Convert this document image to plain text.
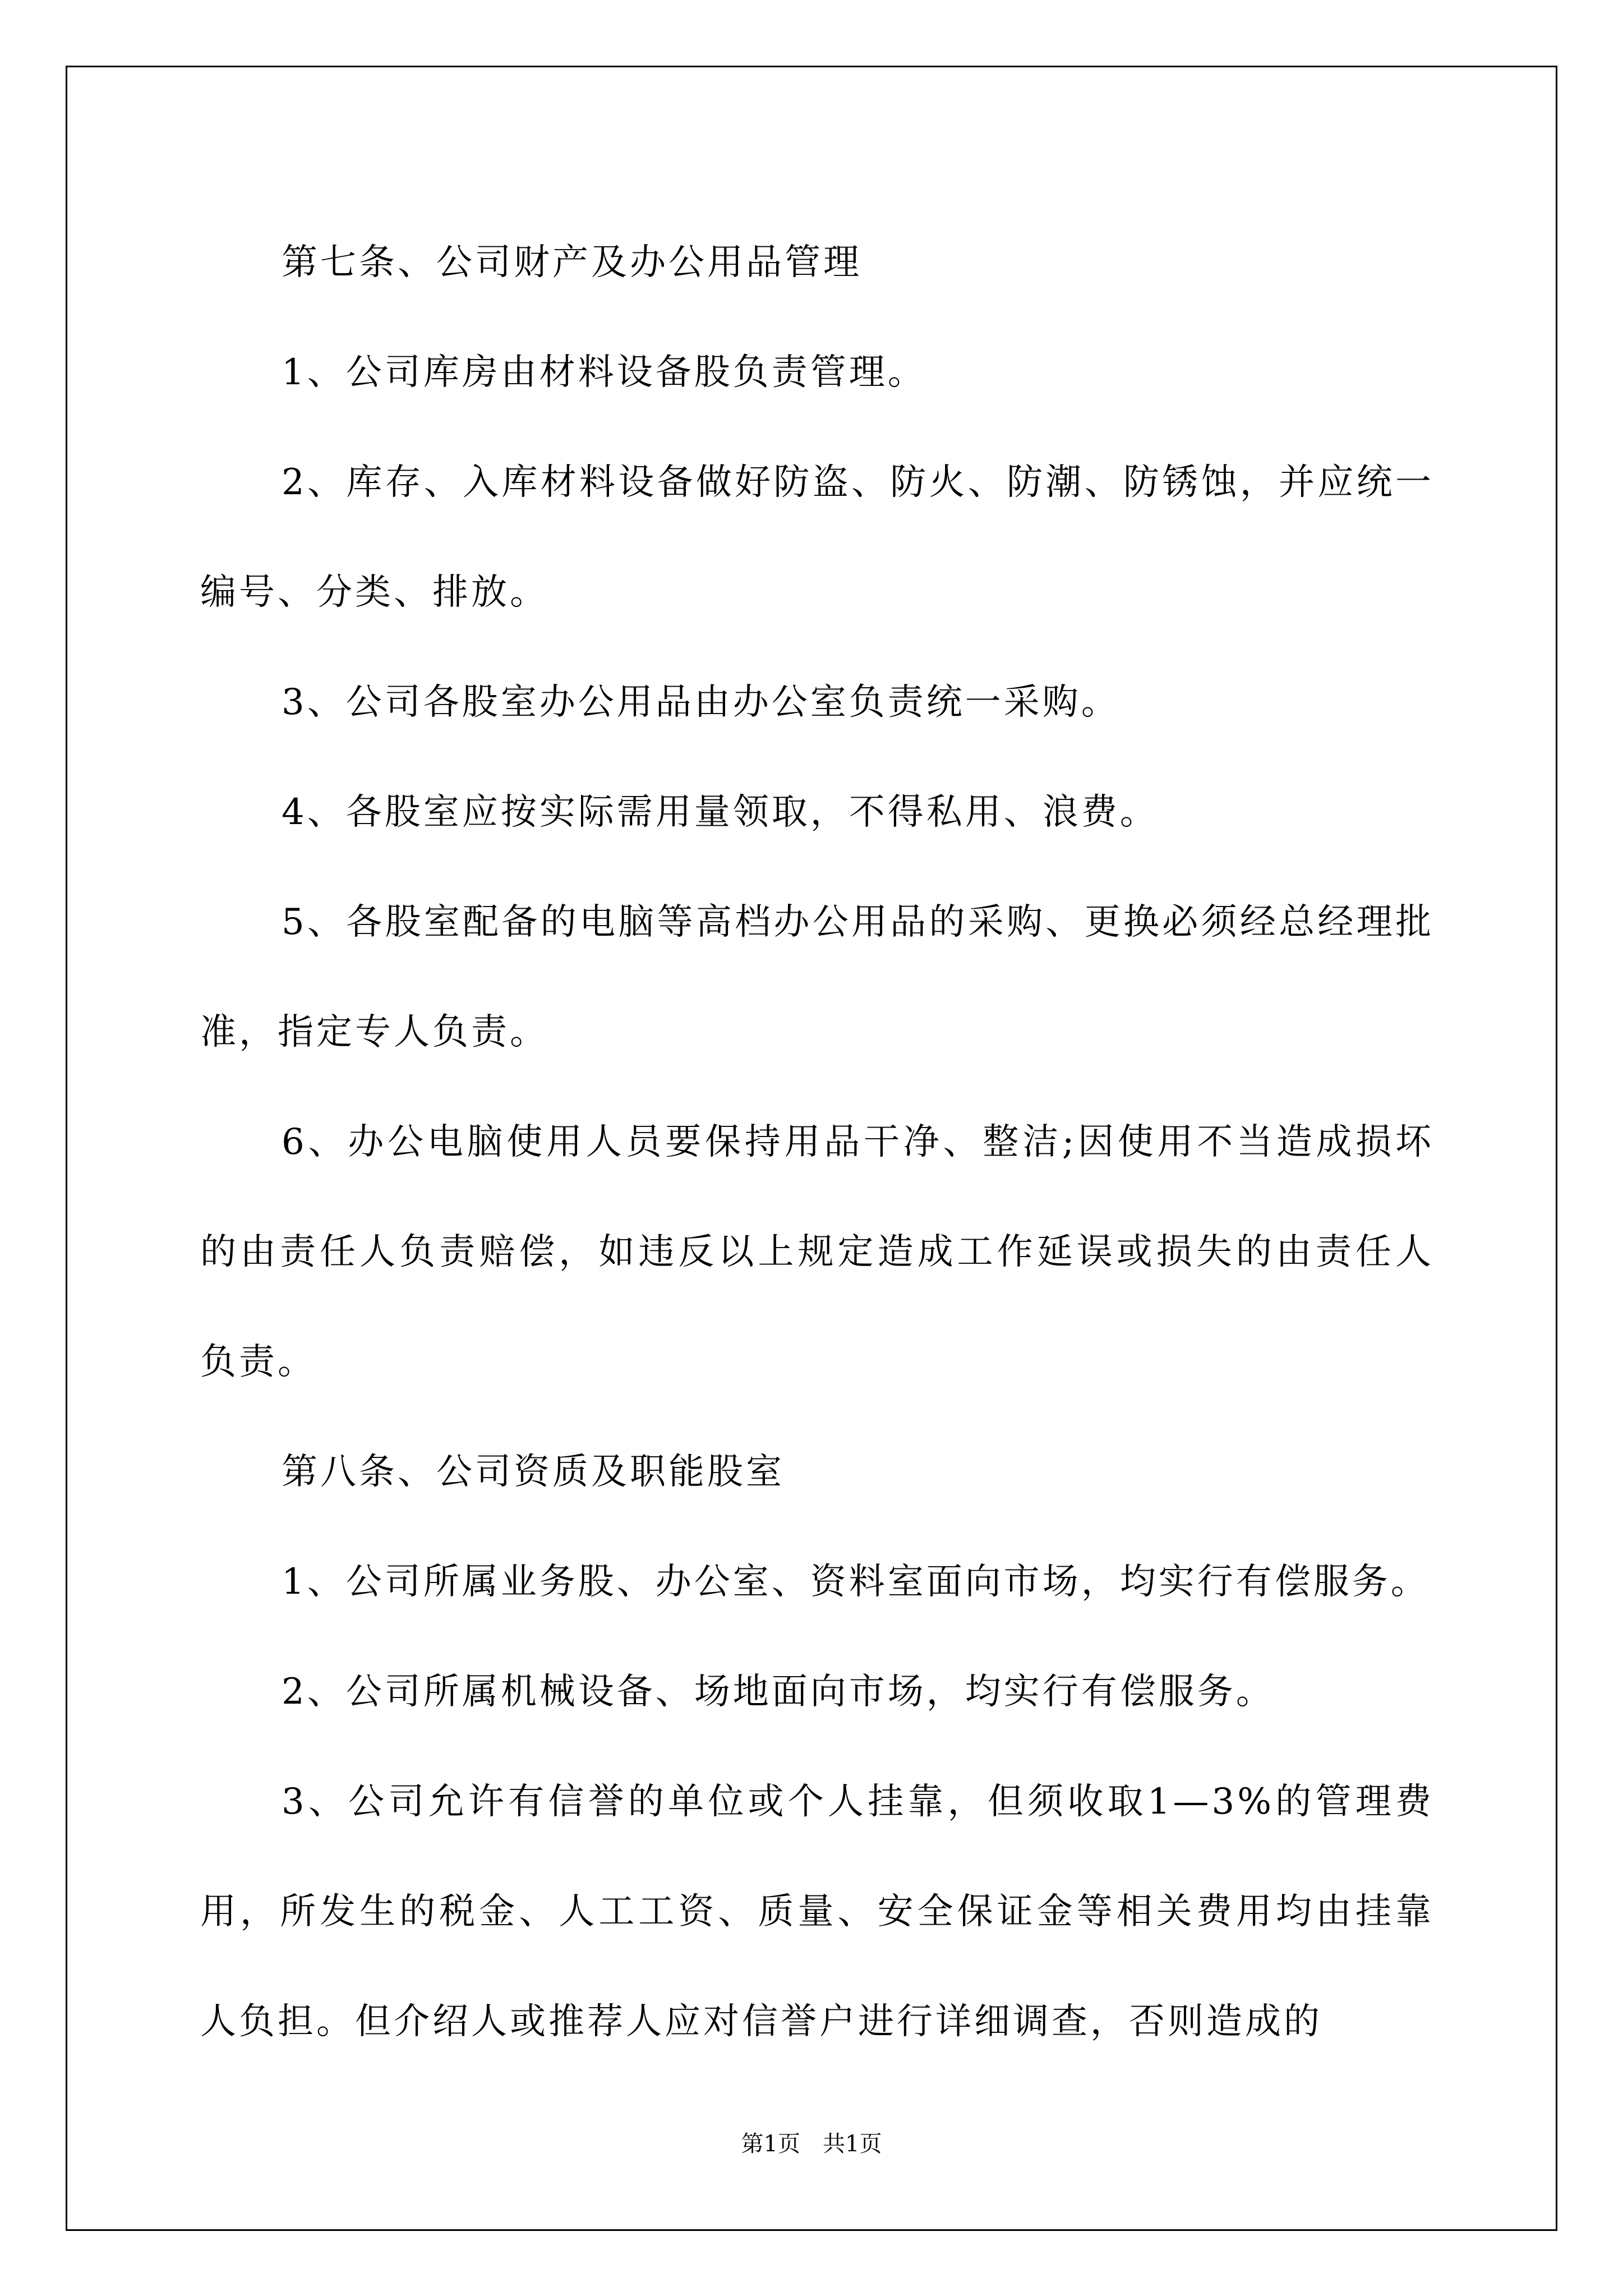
第七条、公司财产及办公用品管理

1、公司库房由材料设备股负责管理。

2、库存、入库材料设备做好防盗、防火、防潮、防锈蚀，并应统一编号、分类、排放。

3、公司各股室办公用品由办公室负责统一采购。

4、各股室应按实际需用量领取，不得私用、浪费。

5、各股室配备的电脑等高档办公用品的采购、更换必须经总经理批准，指定专人负责。

6、办公电脑使用人员要保持用品干净、整洁;因使用不当造成损坏的由责任人负责赔偿，如违反以上规定造成工作延误或损失的由责任人负责。

第八条、公司资质及职能股室

1、公司所属业务股、办公室、资料室面向市场，均实行有偿服务。

2、公司所属机械设备、场地面向市场，均实行有偿服务。

3、公司允许有信誉的单位或个人挂靠，但须收取1—3%的管理费用，所发生的税金、人工工资、质量、安全保证金等相关费用均由挂靠人负担。但介绍人或推荐人应对信誉户进行详细调查，否则造成的

第1页　共1页
